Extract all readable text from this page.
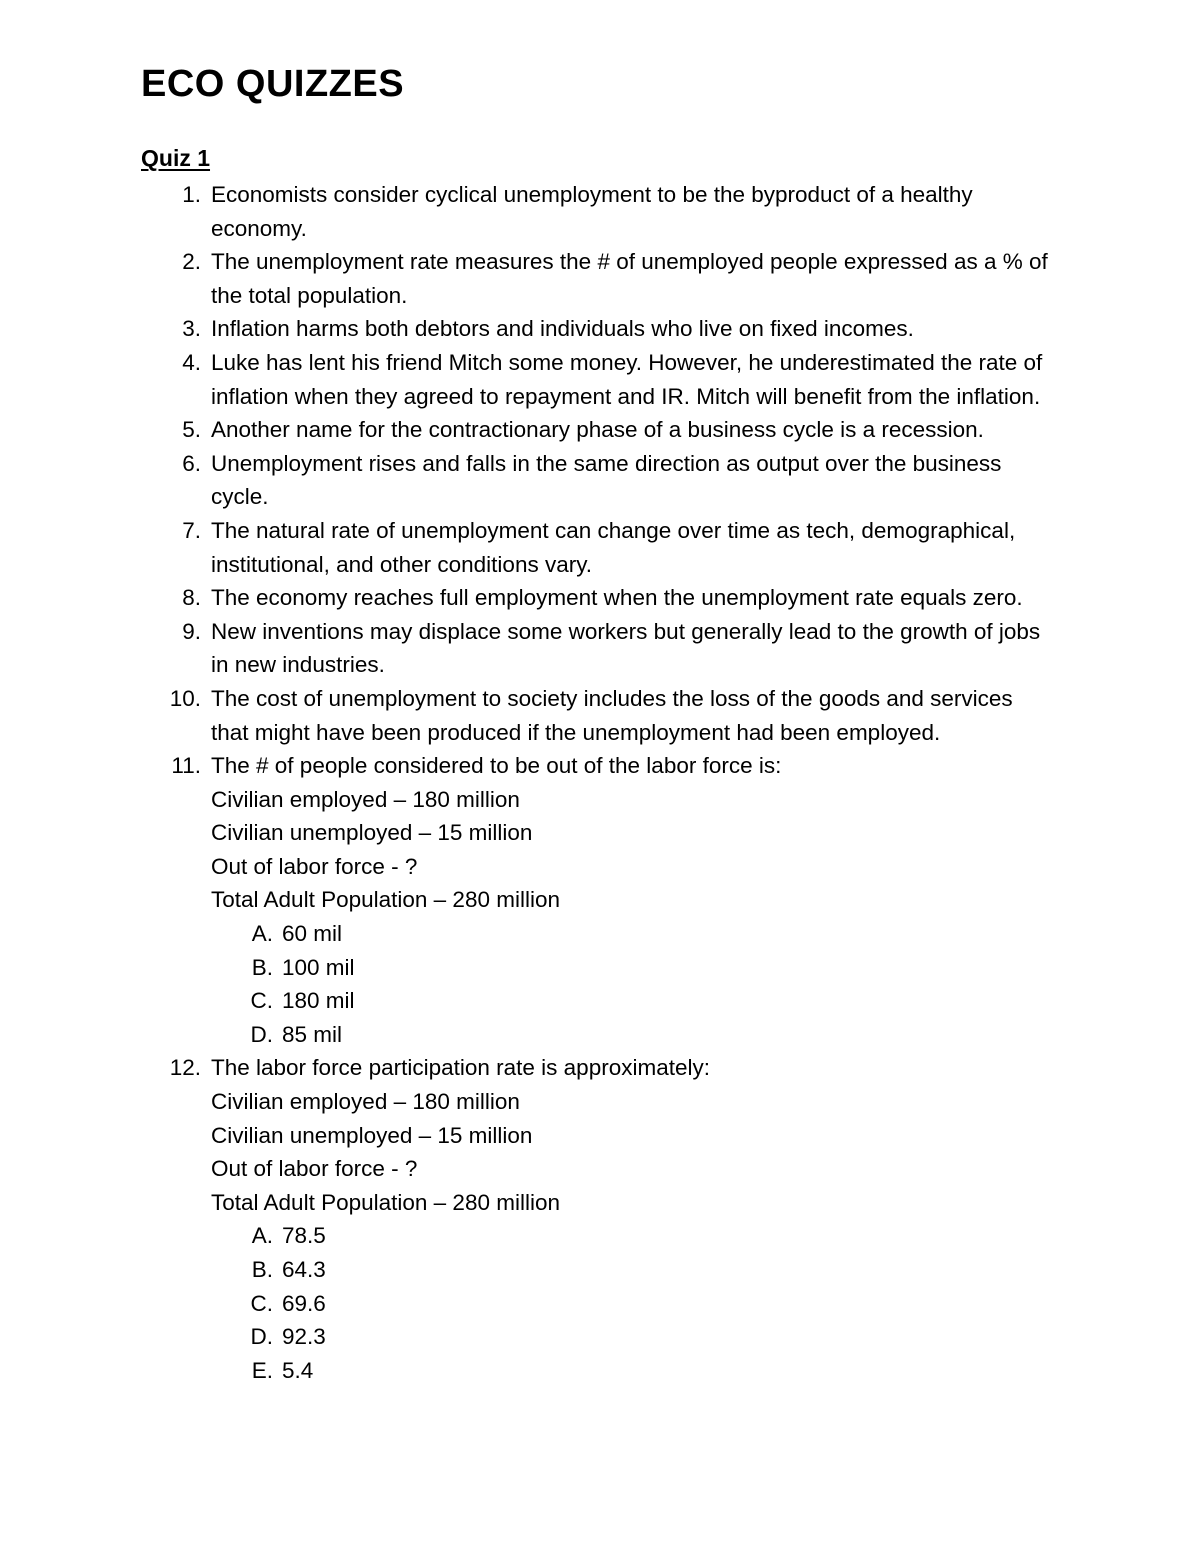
ECO QUIZZES
Quiz 1
1. Economists consider cyclical unemployment to be the byproduct of a healthy economy.
2. The unemployment rate measures the # of unemployed people expressed as a % of the total population.
3. Inflation harms both debtors and individuals who live on fixed incomes.
4. Luke has lent his friend Mitch some money. However, he underestimated the rate of inflation when they agreed to repayment and IR. Mitch will benefit from the inflation.
5. Another name for the contractionary phase of a business cycle is a recession.
6. Unemployment rises and falls in the same direction as output over the business cycle.
7. The natural rate of unemployment can change over time as tech, demographical, institutional, and other conditions vary.
8. The economy reaches full employment when the unemployment rate equals zero.
9. New inventions may displace some workers but generally lead to the growth of jobs in new industries.
10. The cost of unemployment to society includes the loss of the goods and services that might have been produced if the unemployment had been employed.
11. The # of people considered to be out of the labor force is:
Civilian employed – 180 million
Civilian unemployed – 15 million
Out of labor force - ?
Total Adult Population – 280 million
A. 60 mil
B. 100 mil
C. 180 mil
D. 85 mil
12. The labor force participation rate is approximately:
Civilian employed – 180 million
Civilian unemployed – 15 million
Out of labor force - ?
Total Adult Population – 280 million
A. 78.5
B. 64.3
C. 69.6
D. 92.3
E. 5.4
